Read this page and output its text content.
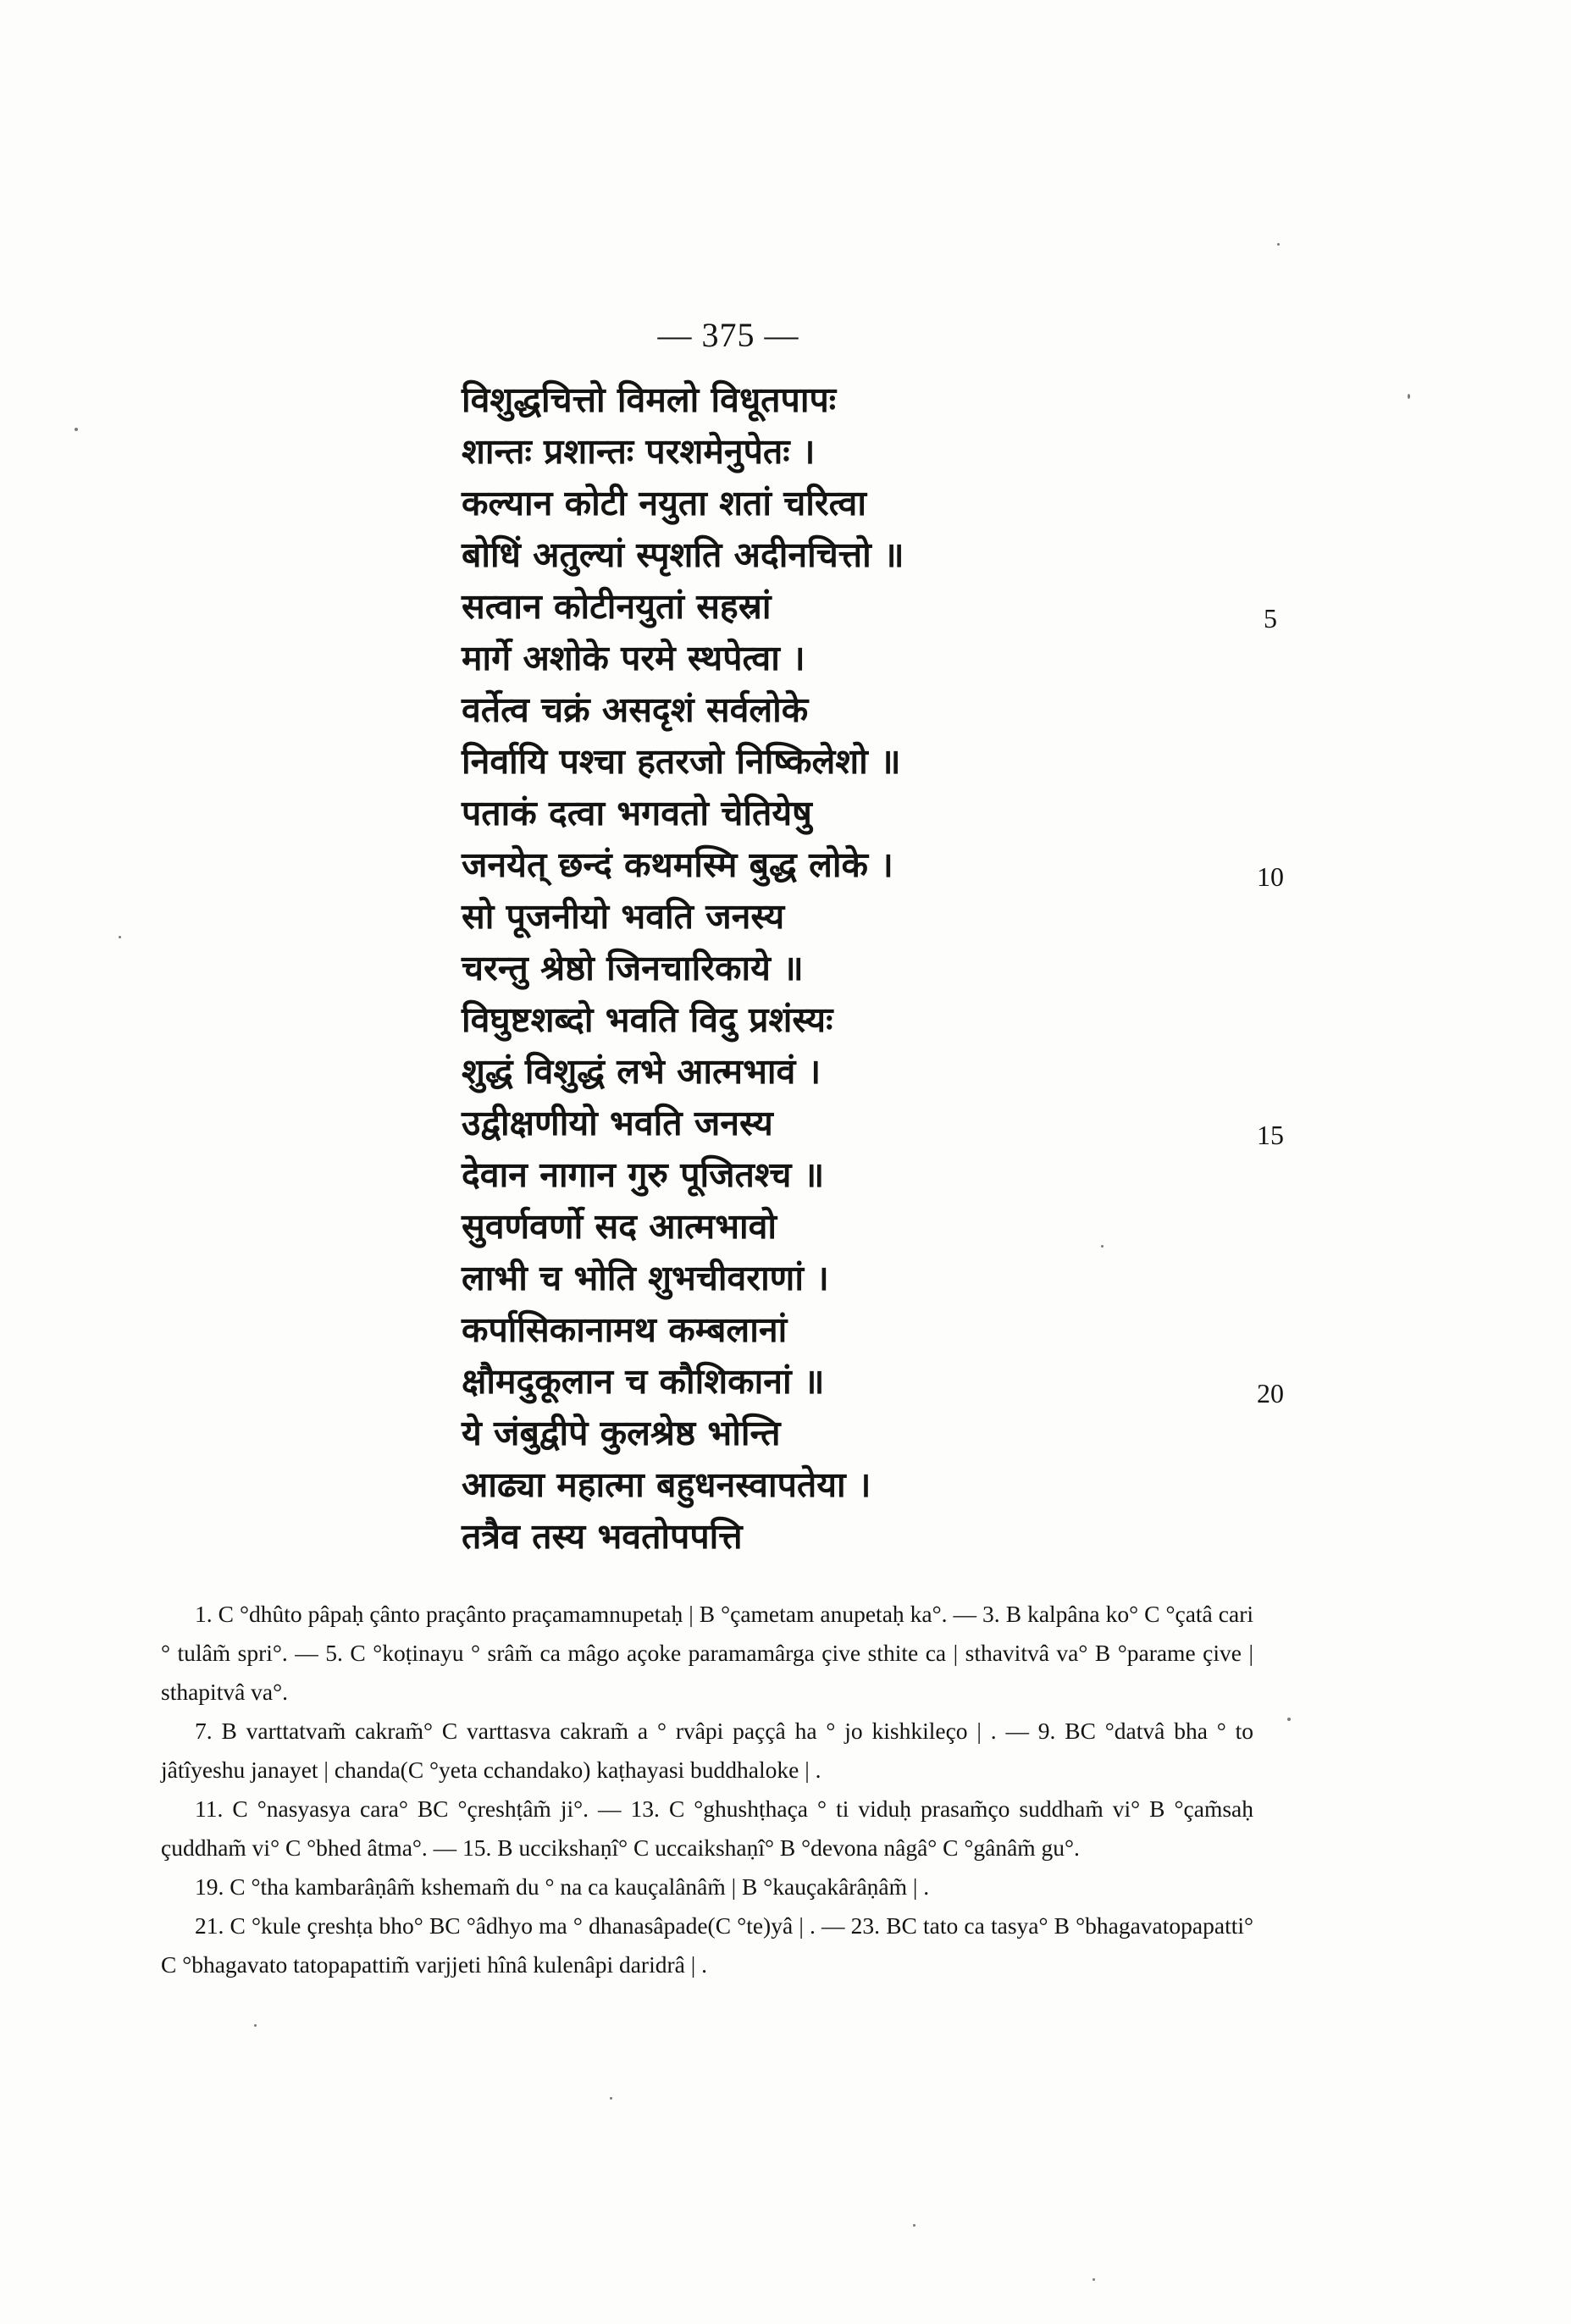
— 375 —
विशुद्धचित्तो विमलो विधूतपापः
शान्तः प्रशान्तः परशमेनुपेतः ।
कल्यान कोटी नयुता शतां चरित्वा
बोधिं अतुल्यां स्पृशति अदीनचित्तो ॥
सत्वान कोटीनयुतां सहस्रां
मार्गे अशोके परमे स्थपेत्वा ।
वर्तेत्व चक्रं असदृशं सर्वलोके
निर्वायि पश्चा हतरजो निष्किलेशो ॥
पताकं दत्वा भगवतो चेतियेषु
जनयेत् छन्दं कथमस्मि बुद्ध लोके ।
सो पूजनीयो भवति जनस्य
चरन्तु श्रेष्ठो जिनचारिकाये ॥
विघुष्टशब्दो भवति विदु प्रशंस्यः
शुद्धं विशुद्धं लभे आत्मभावं ।
उद्वीक्षणीयो भवति जनस्य
देवान नागान गुरु पूजितश्च ॥
सुवर्णवर्णो सद आत्मभावो
लाभी च भोति शुभचीवराणां ।
कर्पासिकानामथ कम्बलानां
क्षौमदुकूलान च कौशिकानां ॥
ये जंबुद्वीपे कुलश्रेष्ठ भोन्ति
आढ्या महात्मा बहुधनस्वापतेया ।
तत्रैव तस्य भवतोपपत्ति
5
10
15
20

1. C °dhûto pâpaḥ çânto praçânto praçamamnupetaḥ | B °çametam anupetaḥ ka°. — 3. B kalpâna ko° C °çatâ cari ° tulâm̃ spri°. — 5. C °koṭinayu ° srâm̃ ca mâgo açoke paramamârga çive sthite ca | sthavitvâ va° B °parame çive | sthapitvâ va°.

7. B varttatvam̃ cakram̃° C varttasva cakram̃ a ° rvâpi paççâ ha ° jo kishkileço | . — 9. BC °datvâ bha ° to jâtîyeshu janayet | chanda(C °yeta cchandako) kaṭhayasi buddhaloke | .

11. C °nasyasya cara° BC °çreshṭâm̃ ji°. — 13. C °ghushṭhaça ° ti viduḥ prasam̃ço suddham̃ vi° B °çam̃saḥ çuddham̃ vi° C °bhed âtma°. — 15. B uccikshaṇî° C uccaikshaṇî° B °devona nâgâ° C °gânâm̃ gu°.

19. C °tha kambarâṇâm̃ kshemam̃ du ° na ca kauçalânâm̃ | B °kauçakârâṇâm̃ | .

21. C °kule çreshṭa bho° BC °âdhyo ma ° dhanasâpade(C °te)yâ | . — 23. BC tato ca tasya° B °bhagavatopapatti° C °bhagavato tatopapattim̃ varjjeti hînâ kulenâpi daridrâ | .
